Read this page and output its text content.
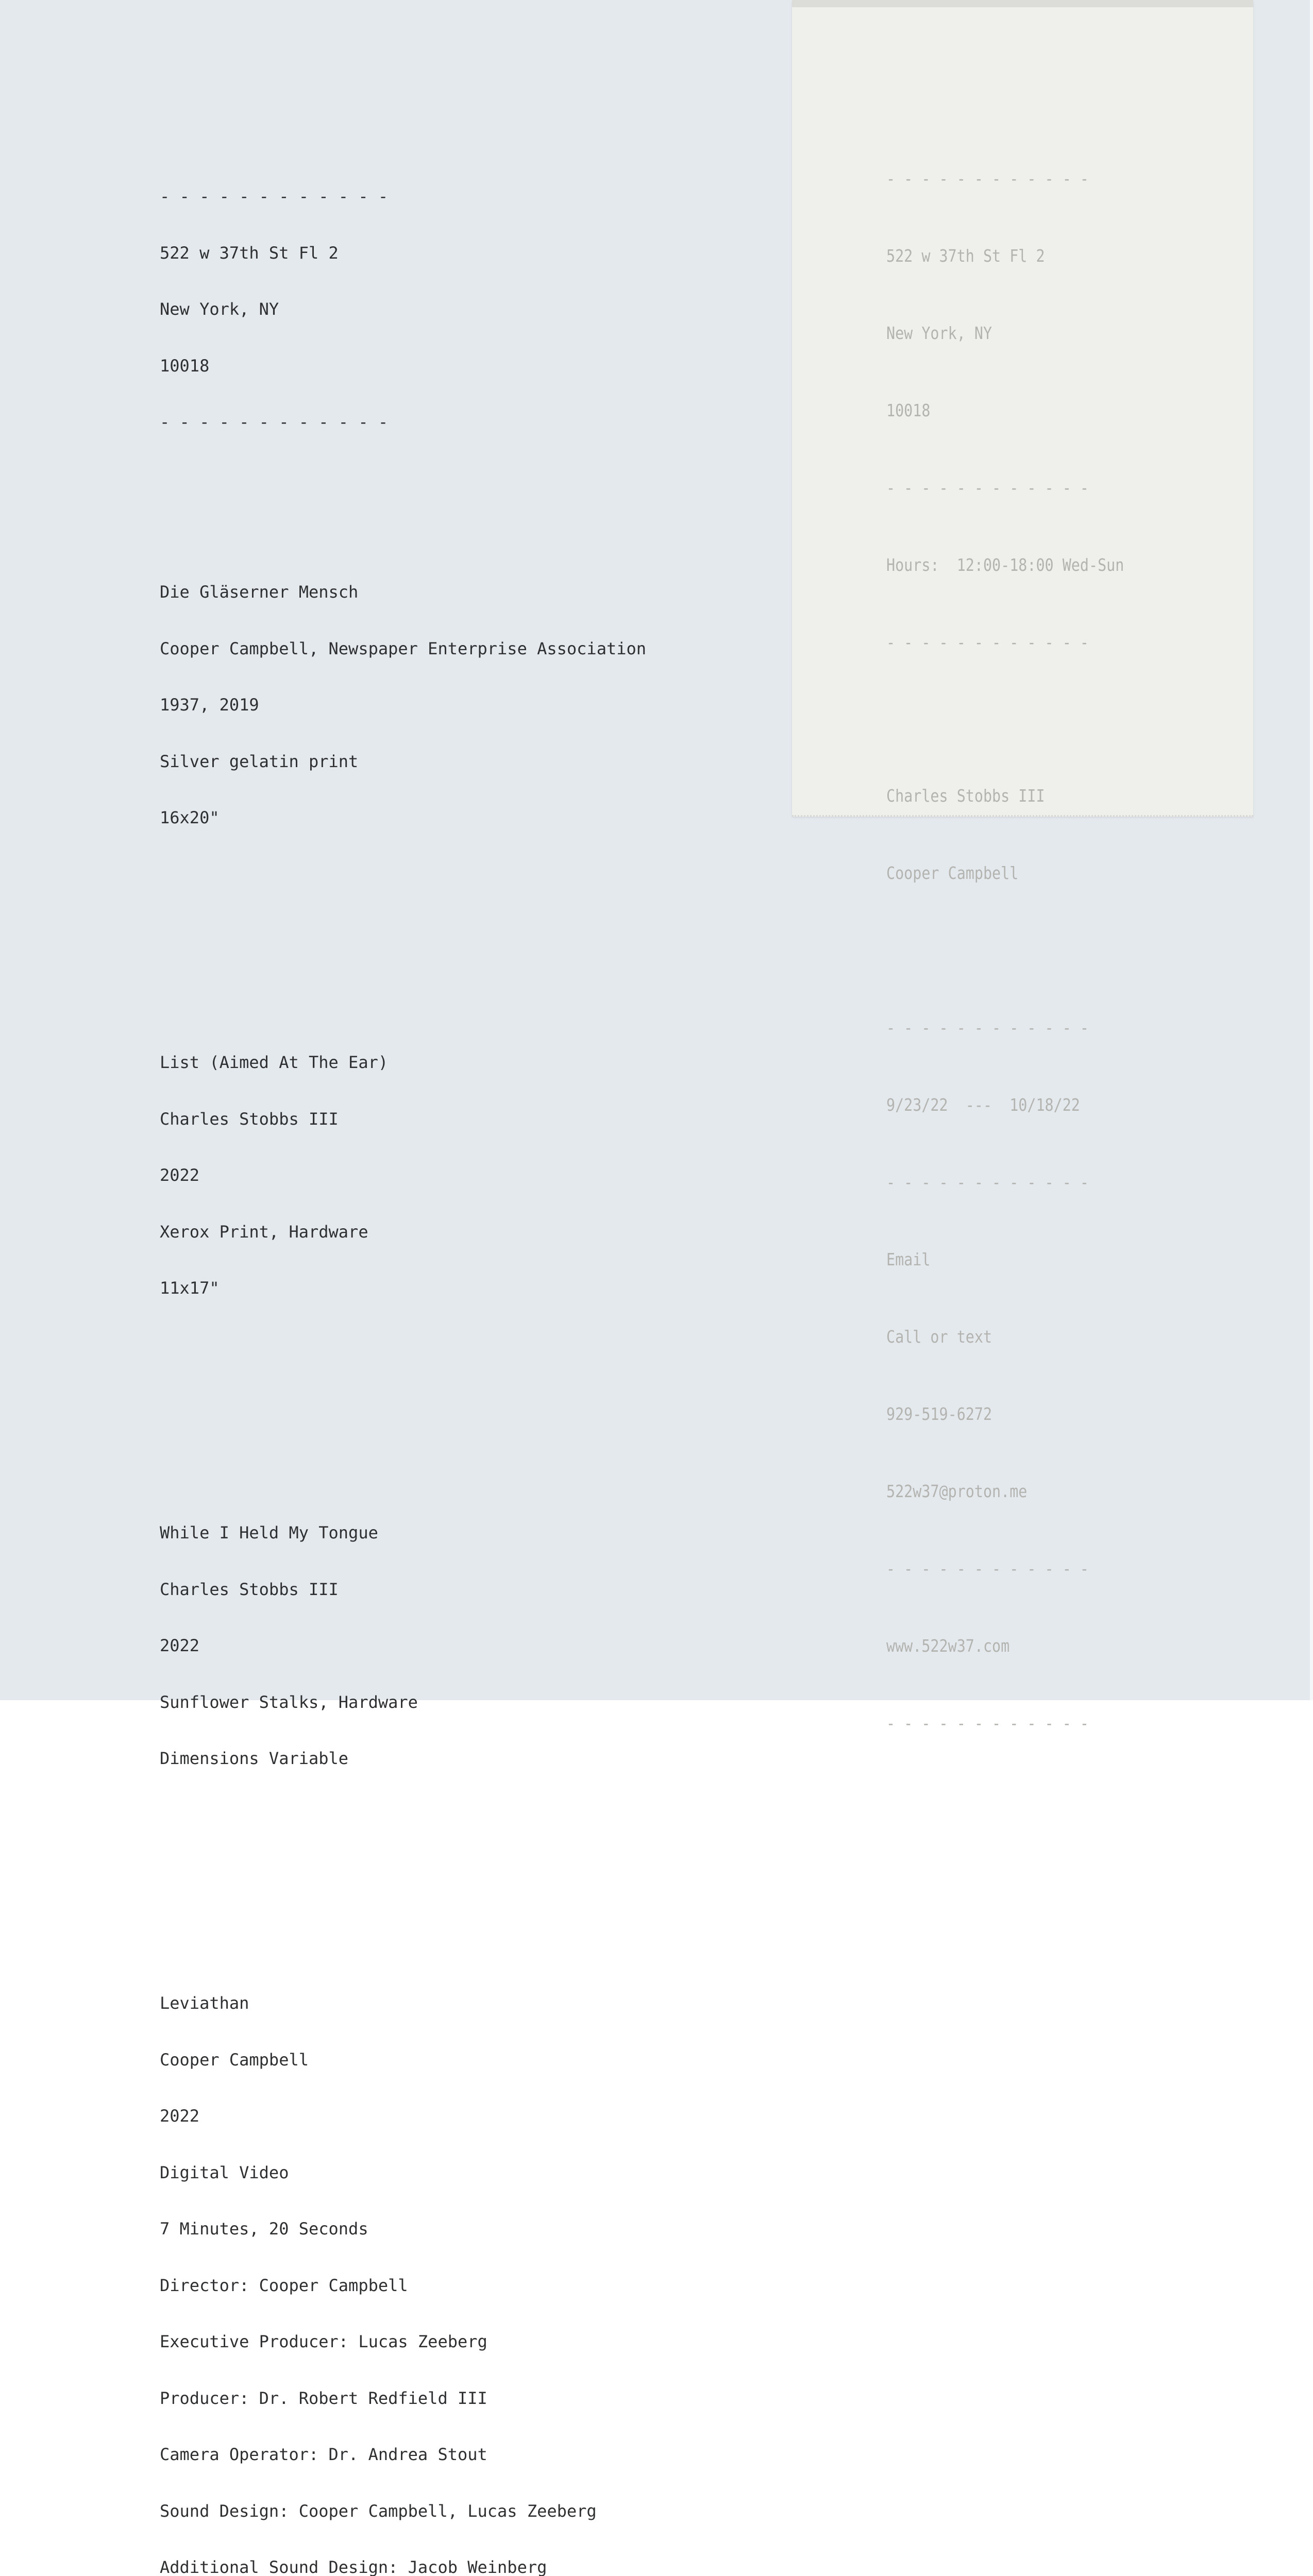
- - - - - - - - - - - -

522 w 37th St Fl 2

New York, NY

10018

- - - - - - - - - - - -

Die Gläserner Mensch

Cooper Campbell, Newspaper Enterprise Association

1937, 2019

Silver gelatin print

16x20"

List (Aimed At The Ear)

Charles Stobbs III

2022

Xerox Print, Hardware

11x17"

While I Held My Tongue

Charles Stobbs III

2022

Sunflower Stalks, Hardware

Dimensions Variable

Leviathan

Cooper Campbell

2022

Digital Video

7 Minutes, 20 Seconds

Director: Cooper Campbell

Executive Producer: Lucas Zeeberg

Producer: Dr. Robert Redfield III

Camera Operator: Dr. Andrea Stout

Sound Design: Cooper Campbell, Lucas Zeeberg

Additional Sound Design: Jacob Weinberg

- - - - - - - - - - - -

522 w 37th St Fl 2

New York, NY

10018

- - - - - - - - - - - -

Hours:  12:00-18:00 Wed-Sun

- - - - - - - - - - - -

Charles Stobbs III

Cooper Campbell

- - - - - - - - - - - -

9/23/22  ---  10/18/22

- - - - - - - - - - - -

Email

Call or text

929-519-6272

522w37@proton.me

- - - - - - - - - - - -

www.522w37.com

- - - - - - - - - - - -
